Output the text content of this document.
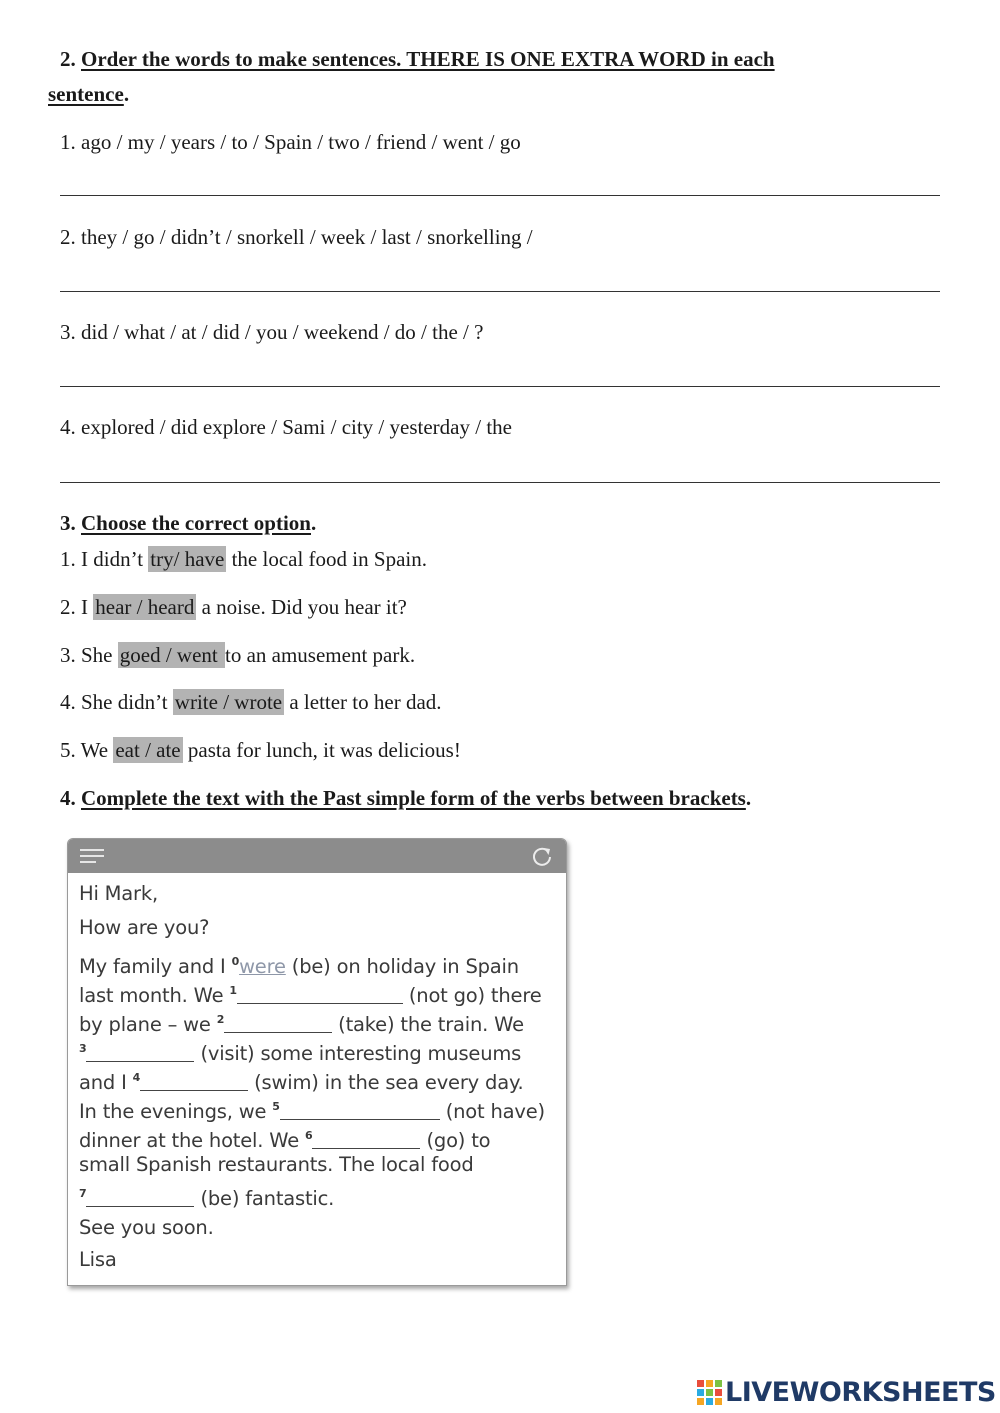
2. Order the words to make sentences. THERE IS ONE EXTRA WORD in each
sentence.
1. ago / my / years / to / Spain / two / friend / went / go
2. they / go / didn’t / snorkell / week / last / snorkelling /
3. did / what / at / did / you / weekend / do / the / ?
4. explored / did explore / Sami / city / yesterday / the
3. Choose the correct option.
1. I didn’t try/ have the local food in Spain.
2. I hear / heard a noise. Did you hear it?
3. She goed / went to an amusement park.
4. She didn’t write / wrote a letter to her dad.
5. We eat / ate pasta for lunch, it was delicious!
4. Complete the text with the Past simple form of the verbs between brackets.
Hi Mark,
How are you?
My family and I $^0$were (be) on holiday in Spain
last month. We $^1$	(not go) there
by plane – we $^2$	(take) the train. We
$^3$	(visit) some interesting museums
and I $^4$	(swim) in the sea every day.
In the evenings, we $^5$	(not have)
dinner at the hotel. We $^6$	(go) to
small Spanish restaurants. The local food
$^7$	(be) fantastic.
See you soon.
Lisa
LIVEWORKSHEETS
